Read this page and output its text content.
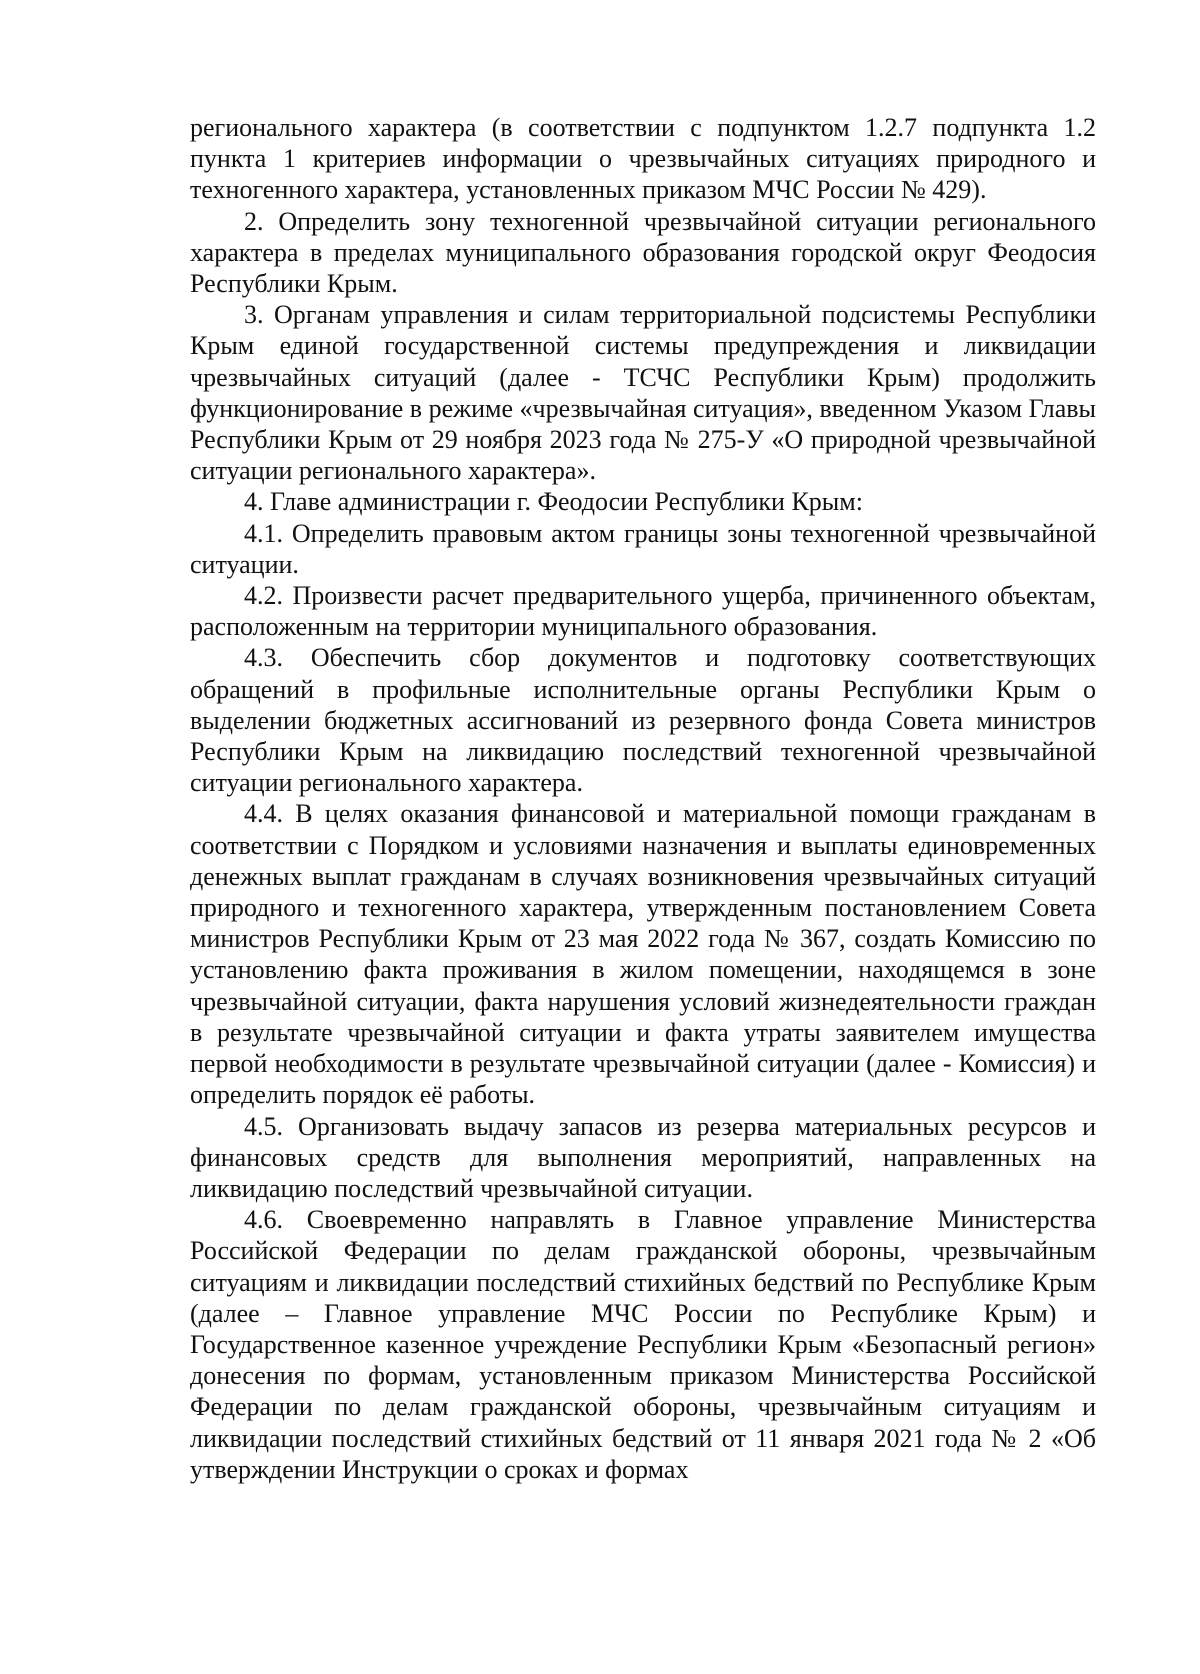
регионального характера (в соответствии с подпунктом 1.2.7 подпункта 1.2 пункта 1 критериев информации о чрезвычайных ситуациях природного и техногенного характера, установленных приказом МЧС России № 429).

2. Определить зону техногенной чрезвычайной ситуации регионального характера в пределах муниципального образования городской округ Феодосия Республики Крым.

3. Органам управления и силам территориальной подсистемы Республики Крым единой государственной системы предупреждения и ликвидации чрезвычайных ситуаций (далее - ТСЧС Республики Крым) продолжить функционирование в режиме «чрезвычайная ситуация», введенном Указом Главы Республики Крым от 29 ноября 2023 года № 275-У «О природной чрезвычайной ситуации регионального характера».

4. Главе администрации г. Феодосии Республики Крым:

4.1. Определить правовым актом границы зоны техногенной чрезвычайной ситуации.

4.2. Произвести расчет предварительного ущерба, причиненного объектам, расположенным на территории муниципального образования.

4.3. Обеспечить сбор документов и подготовку соответствующих обращений в профильные исполнительные органы Республики Крым о выделении бюджетных ассигнований из резервного фонда Совета министров Республики Крым на ликвидацию последствий техногенной чрезвычайной ситуации регионального характера.

4.4. В целях оказания финансовой и материальной помощи гражданам в соответствии с Порядком и условиями назначения и выплаты единовременных денежных выплат гражданам в случаях возникновения чрезвычайных ситуаций природного и техногенного характера, утвержденным постановлением Совета министров Республики Крым от 23 мая 2022 года № 367, создать Комиссию по установлению факта проживания в жилом помещении, находящемся в зоне чрезвычайной ситуации, факта нарушения условий жизнедеятельности граждан в результате чрезвычайной ситуации и факта утраты заявителем имущества первой необходимости в результате чрезвычайной ситуации (далее - Комиссия) и определить порядок её работы.

4.5. Организовать выдачу запасов из резерва материальных ресурсов и финансовых средств для выполнения мероприятий, направленных на ликвидацию последствий чрезвычайной ситуации.

4.6. Своевременно направлять в Главное управление Министерства Российской Федерации по делам гражданской обороны, чрезвычайным ситуациям и ликвидации последствий стихийных бедствий по Республике Крым (далее – Главное управление МЧС России по Республике Крым) и Государственное казенное учреждение Республики Крым «Безопасный регион» донесения по формам, установленным приказом Министерства Российской Федерации по делам гражданской обороны, чрезвычайным ситуациям и ликвидации последствий стихийных бедствий от 11 января 2021 года № 2 «Об утверждении Инструкции о сроках и формах
